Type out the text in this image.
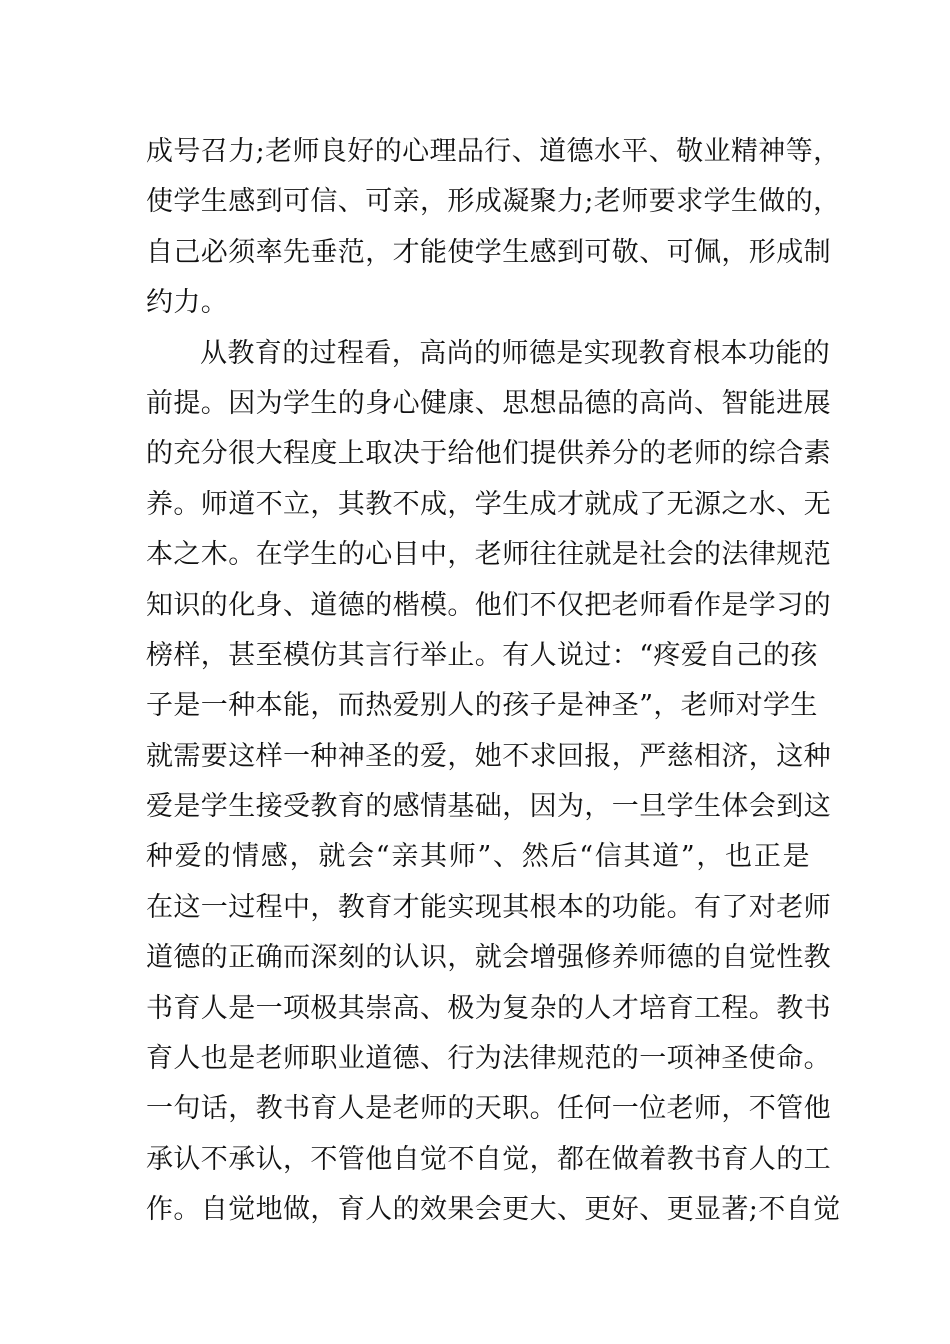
成号召力;老师良好的心理品行、道德水平、敬业精神等，
使学生感到可信、可亲，形成凝聚力;老师要求学生做的，
自己必须率先垂范，才能使学生感到可敬、可佩，形成制
约力。
从教育的过程看，高尚的师德是实现教育根本功能的
前提。因为学生的身心健康、思想品德的高尚、智能进展
的充分很大程度上取决于给他们提供养分的老师的综合素
养。师道不立，其教不成，学生成才就成了无源之水、无
本之木。在学生的心目中，老师往往就是社会的法律规范
知识的化身、道德的楷模。他们不仅把老师看作是学习的
榜样，甚至模仿其言行举止。有人说过：“疼爱自己的孩
子是一种本能，而热爱别人的孩子是神圣”，老师对学生
就需要这样一种神圣的爱，她不求回报，严慈相济，这种
爱是学生接受教育的感情基础，因为，一旦学生体会到这
种爱的情感，就会“亲其师”、然后“信其道”，也正是
在这一过程中，教育才能实现其根本的功能。有了对老师
道德的正确而深刻的认识，就会增强修养师德的自觉性教
书育人是一项极其崇高、极为复杂的人才培育工程。教书
育人也是老师职业道德、行为法律规范的一项神圣使命。
一句话，教书育人是老师的天职。任何一位老师，不管他
承认不承认，不管他自觉不自觉，都在做着教书育人的工
作。自觉地做，育人的效果会更大、更好、更显著;不自觉
